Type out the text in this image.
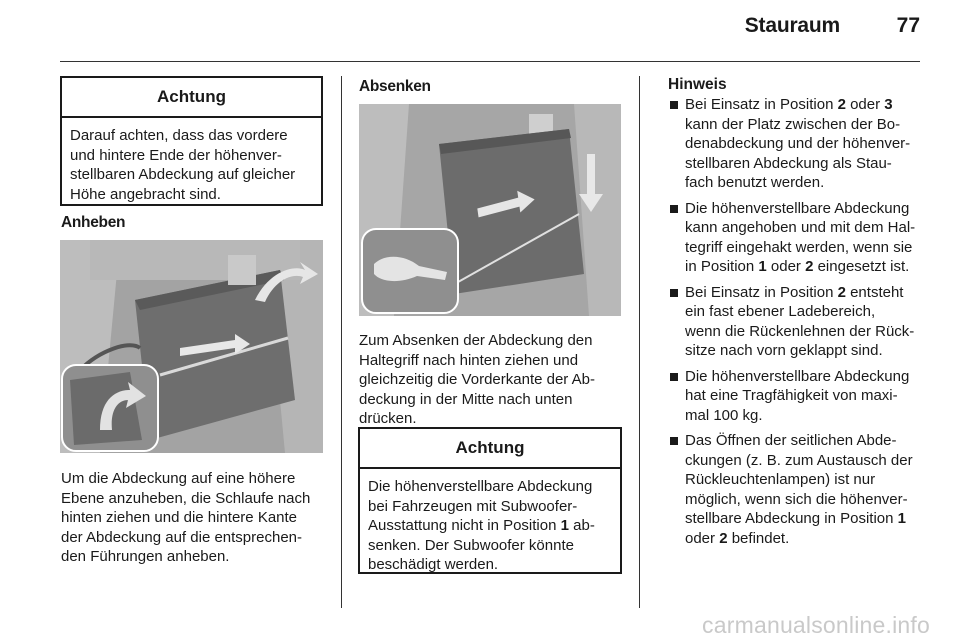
Stauraum	77
Achtung
Darauf achten, dass das vordere
und hintere Ende der höhenver-
stellbaren Abdeckung auf gleicher
Höhe angebracht sind.
Anheben
Um die Abdeckung auf eine höhere
Ebene anzuheben, die Schlaufe nach
hinten ziehen und die hintere Kante
der Abdeckung auf die entsprechen-
den Führungen anheben.
Absenken
Zum Absenken der Abdeckung den
Haltegriff nach hinten ziehen und
gleichzeitig die Vorderkante der Ab-
deckung in der Mitte nach unten
drücken.
Achtung
Die höhenverstellbare Abdeckung
bei Fahrzeugen mit Subwoofer-
Ausstattung nicht in Position 1 ab-
senken. Der Subwoofer könnte
beschädigt werden.
Hinweis
Bei Einsatz in Position 2 oder 3
kann der Platz zwischen der Bo-
denabdeckung und der höhenver-
stellbaren Abdeckung als Stau-
fach benutzt werden.
Die höhenverstellbare Abdeckung
kann angehoben und mit dem Hal-
tegriff eingehakt werden, wenn sie
in Position 1 oder 2 eingesetzt ist.
Bei Einsatz in Position 2 entsteht
ein fast ebener Ladebereich,
wenn die Rückenlehnen der Rück-
sitze nach vorn geklappt sind.
Die höhenverstellbare Abdeckung
hat eine Tragfähigkeit von maxi-
mal 100 kg.
Das Öffnen der seitlichen Abde-
ckungen (z. B. zum Austausch der
Rückleuchtenlampen) ist nur
möglich, wenn sich die höhenver-
stellbare Abdeckung in Position 1
oder 2 befindet.
carmanualsonline.info
